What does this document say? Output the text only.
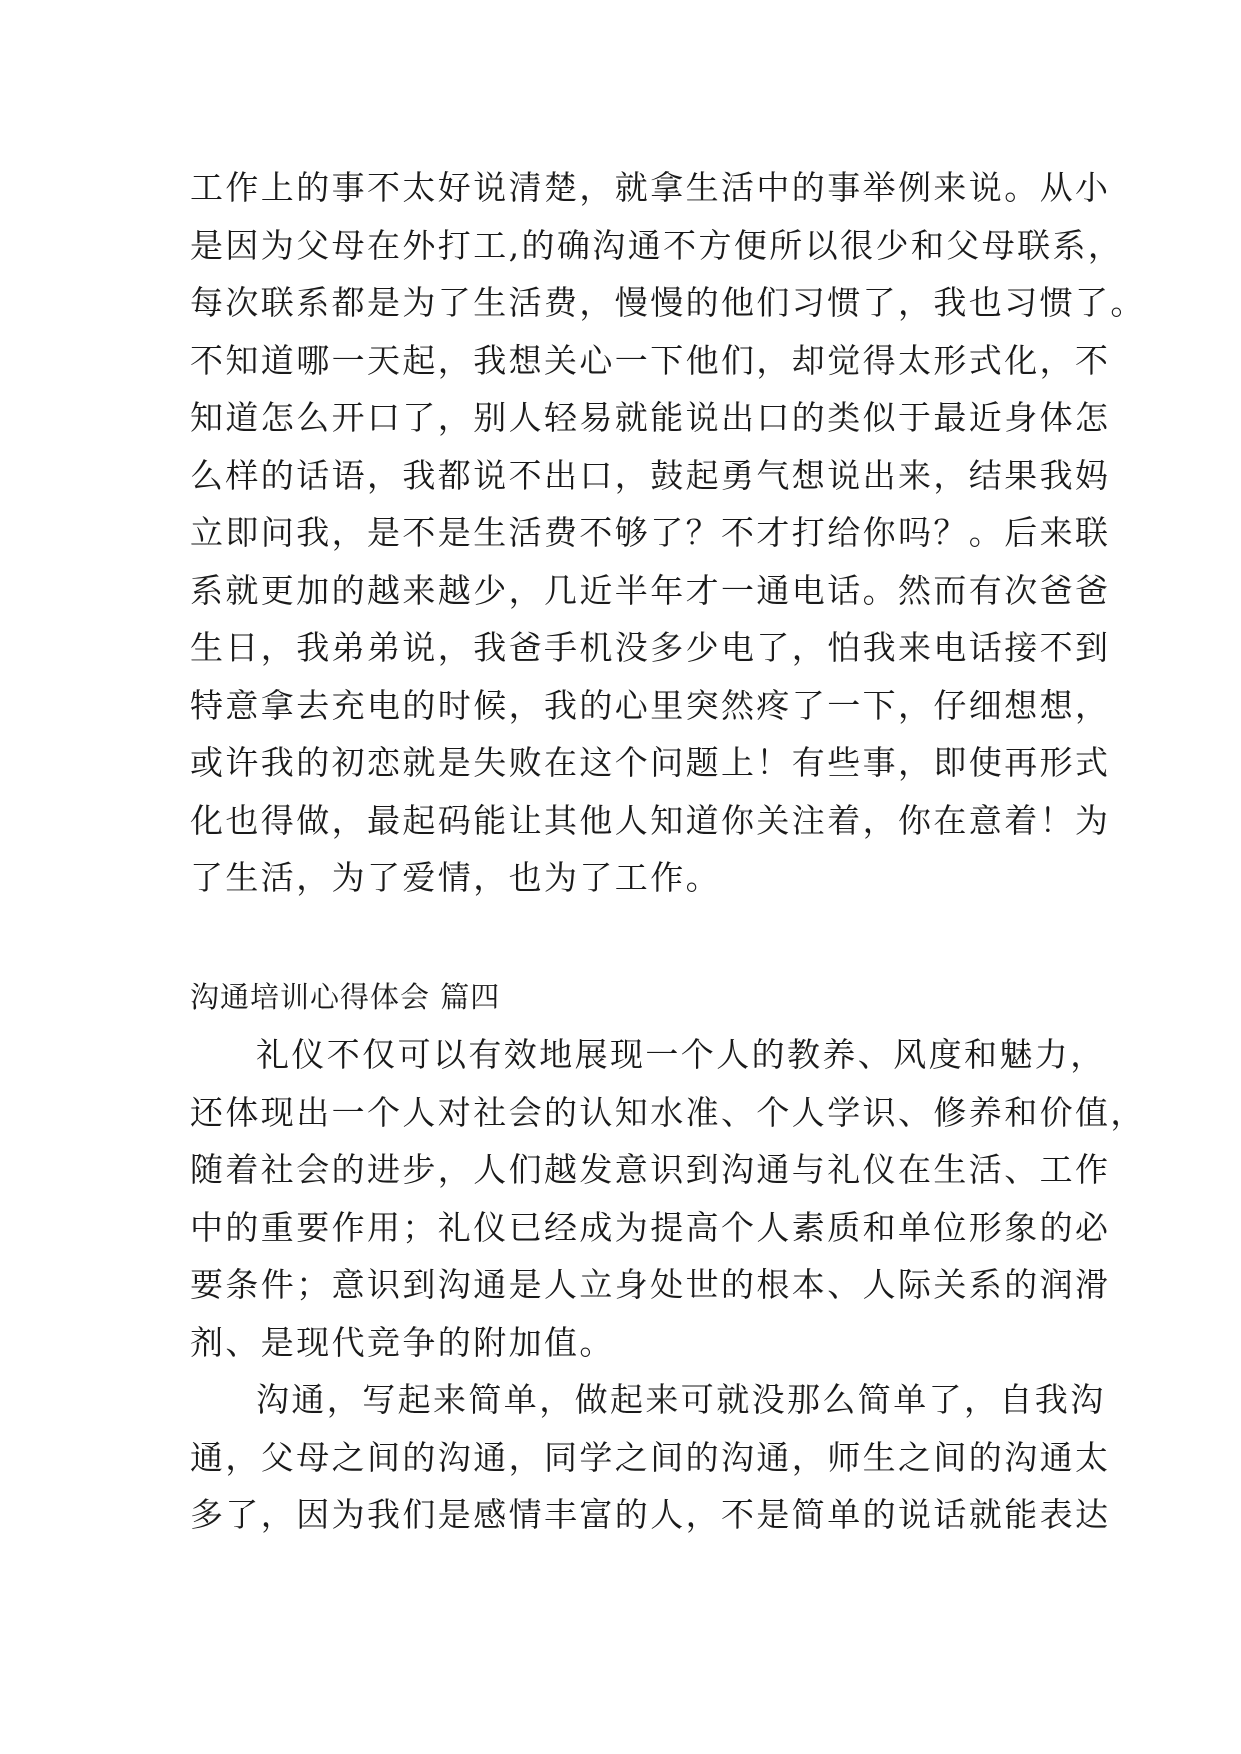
工作上的事不太好说清楚，就拿生活中的事举例来说。从小
是因为父母在外打工,的确沟通不方便所以很少和父母联系，
每次联系都是为了生活费，慢慢的他们习惯了，我也习惯了。
不知道哪一天起，我想关心一下他们，却觉得太形式化，不
知道怎么开口了，别人轻易就能说出口的类似于最近身体怎
么样的话语，我都说不出口，鼓起勇气想说出来，结果我妈
立即问我，是不是生活费不够了？不才打给你吗？。后来联
系就更加的越来越少，几近半年才一通电话。然而有次爸爸
生日，我弟弟说，我爸手机没多少电了，怕我来电话接不到
特意拿去充电的时候，我的心里突然疼了一下，仔细想想，
或许我的初恋就是失败在这个问题上！有些事，即使再形式
化也得做，最起码能让其他人知道你关注着，你在意着！为
了生活，为了爱情，也为了工作。
沟通培训心得体会 篇四
礼仪不仅可以有效地展现一个人的教养、风度和魅力，
还体现出一个人对社会的认知水准、个人学识、修养和价值，
随着社会的进步，人们越发意识到沟通与礼仪在生活、工作
中的重要作用；礼仪已经成为提高个人素质和单位形象的必
要条件；意识到沟通是人立身处世的根本、人际关系的润滑
剂、是现代竞争的附加值。
沟通，写起来简单，做起来可就没那么简单了，自我沟
通，父母之间的沟通，同学之间的沟通，师生之间的沟通太
多了，因为我们是感情丰富的人，不是简单的说话就能表达
